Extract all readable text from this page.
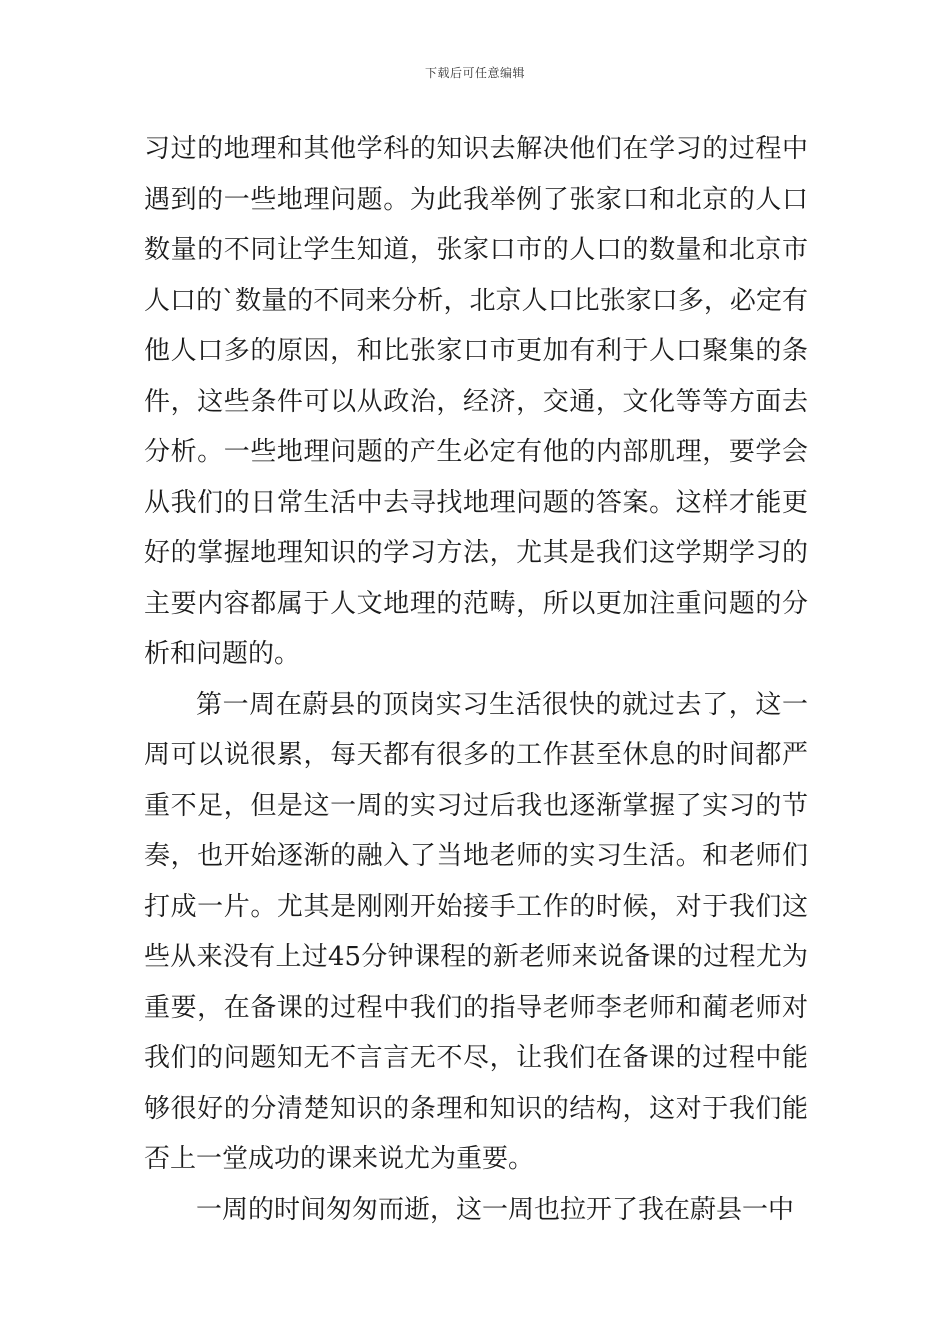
下载后可任意编辑

习过的地理和其他学科的知识去解决他们在学习的过程中遇到的一些地理问题。为此我举例了张家口和北京的人口数量的不同让学生知道，张家口市的人口的数量和北京市人口的`数量的不同来分析，北京人口比张家口多，必定有他人口多的原因，和比张家口市更加有利于人口聚集的条件，这些条件可以从政治，经济，交通，文化等等方面去分析。一些地理问题的产生必定有他的内部肌理，要学会从我们的日常生活中去寻找地理问题的答案。这样才能更好的掌握地理知识的学习方法，尤其是我们这学期学习的主要内容都属于人文地理的范畴，所以更加注重问题的分析和问题的。

第一周在蔚县的顶岗实习生活很快的就过去了，这一周可以说很累，每天都有很多的工作甚至休息的时间都严重不足，但是这一周的实习过后我也逐渐掌握了实习的节奏，也开始逐渐的融入了当地老师的实习生活。和老师们打成一片。尤其是刚刚开始接手工作的时候，对于我们这些从来没有上过45分钟课程的新老师来说备课的过程尤为重要，在备课的过程中我们的指导老师李老师和蔺老师对我们的问题知无不言言无不尽，让我们在备课的过程中能够很好的分清楚知识的条理和知识的结构，这对于我们能否上一堂成功的课来说尤为重要。

一周的时间匆匆而逝，这一周也拉开了我在蔚县一中
